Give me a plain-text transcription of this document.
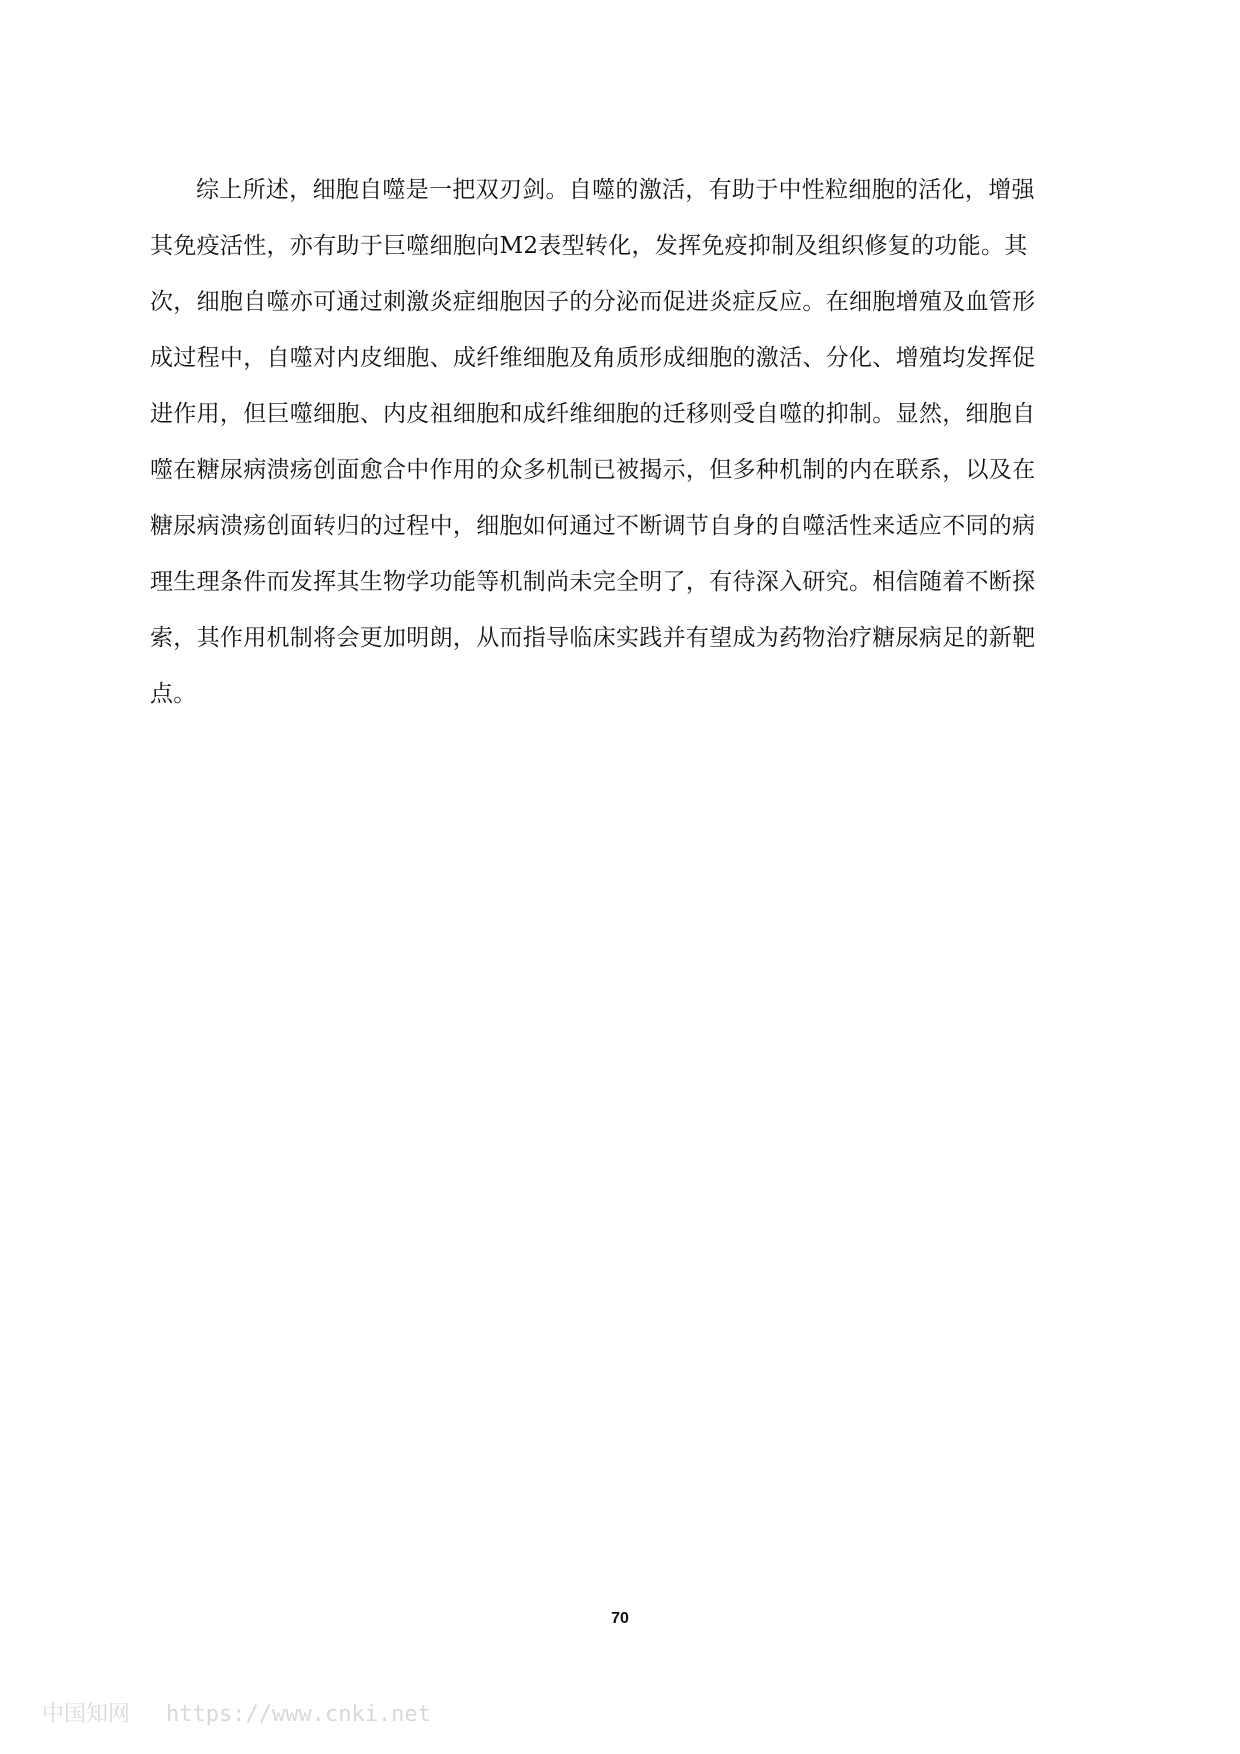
综上所述，细胞自噬是一把双刃剑。自噬的激活，有助于中性粒细胞的活化，增强
其免疫活性，亦有助于巨噬细胞向M2表型转化，发挥免疫抑制及组织修复的功能。其
次，细胞自噬亦可通过刺激炎症细胞因子的分泌而促进炎症反应。在细胞增殖及血管形
成过程中，自噬对内皮细胞、成纤维细胞及角质形成细胞的激活、分化、增殖均发挥促
进作用，但巨噬细胞、内皮祖细胞和成纤维细胞的迁移则受自噬的抑制。显然，细胞自
噬在糖尿病溃疡创面愈合中作用的众多机制已被揭示，但多种机制的内在联系，以及在
糖尿病溃疡创面转归的过程中，细胞如何通过不断调节自身的自噬活性来适应不同的病
理生理条件而发挥其生物学功能等机制尚未完全明了，有待深入研究。相信随着不断探
索，其作用机制将会更加明朗，从而指导临床实践并有望成为药物治疗糖尿病足的新靶
点。
70
中国知网 https://www.cnki.net
